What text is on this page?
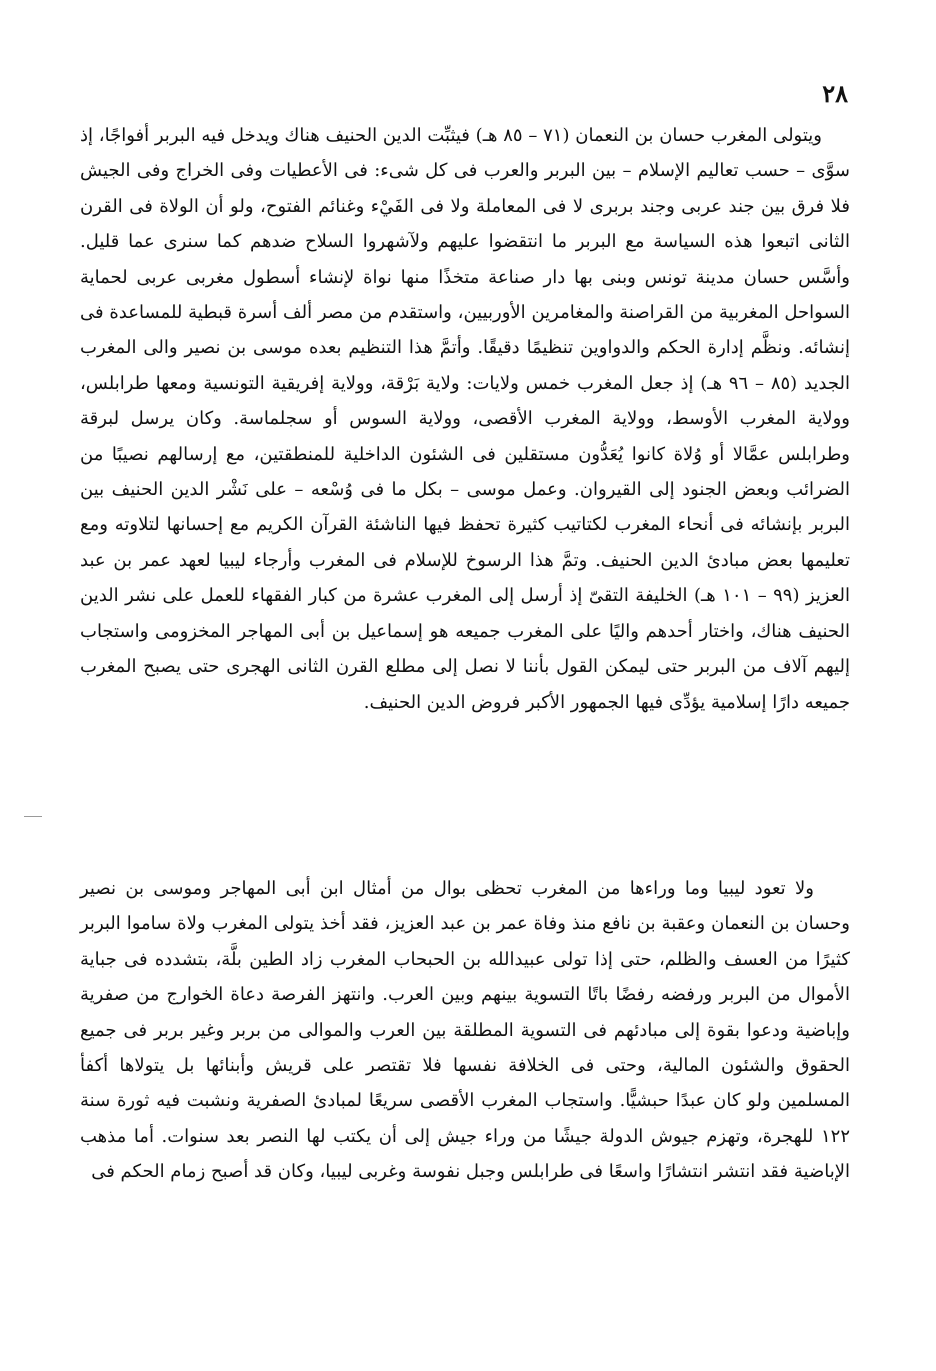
٢٨

ويتولى المغرب حسان بن النعمان (٧١ – ٨٥ هـ) فيثبِّت الدين الحنيف هناك ويدخل فيه البربر أفواجًا، إذ سوَّى – حسب تعاليم الإسلام – بين البربر والعرب فى كل شىء: فى الأعطيات وفى الخراج وفى الجيش فلا فرق بين جند عربى وجند بربرى لا فى المعاملة ولا فى الفَيْء وغنائم الفتوح، ولو أن الولاة فى القرن الثانى اتبعوا هذه السياسة مع البربر ما انتقضوا عليهم ولآشهروا السلاح ضدهم كما سنرى عما قليل. وأسَّس حسان مدينة تونس وبنى بها دار صناعة متخذًا منها نواة لإنشاء أسطول مغربى عربى لحماية السواحل المغربية من القراصنة والمغامرين الأوربيين، واستقدم من مصر ألف أسرة قبطية للمساعدة فى إنشائه. ونظَّم إدارة الحكم والدواوين تنظيمًا دقيقًا. وأتمَّ هذا التنظيم بعده موسى بن نصير والى المغرب الجديد (٨٥ – ٩٦ هـ) إذ جعل المغرب خمس ولايات: ولاية بَرْقة، وولاية إفريقية التونسية ومعها طرابلس، وولاية المغرب الأوسط، وولاية المغرب الأقصى، وولاية السوس أو سجلماسة. وكان يرسل لبرقة وطرابلس عمَّالا أو وُلاة كانوا يُعَدُّون مستقلين فى الشئون الداخلية للمنطقتين، مع إرسالهم نصيبًا من الضرائب وبعض الجنود إلى القيروان. وعمل موسى – بكل ما فى وُسْعه – على نَشْر الدين الحنيف بين البربر بإنشائه فى أنحاء المغرب لكتاتيب كثيرة تحفظ فيها الناشئة القرآن الكريم مع إحسانها لتلاوته ومع تعليمها بعض مبادئ الدين الحنيف. وتمَّ هذا الرسوخ للإسلام فى المغرب وأرجاء ليبيا لعهد عمر بن عبد العزيز (٩٩ – ١٠١ هـ) الخليفة التقىّ إذ أرسل إلى المغرب عشرة من كبار الفقهاء للعمل على نشر الدين الحنيف هناك، واختار أحدهم واليًا على المغرب جميعه هو إسماعيل بن أبى المهاجر المخزومى واستجاب إليهم آلاف من البربر حتى ليمكن القول بأننا لا نصل إلى مطلع القرن الثانى الهجرى حتى يصبح المغرب جميعه دارًا إسلامية يؤدِّى فيها الجمهور الأكبر فروض الدين الحنيف.

ولا تعود ليبيا وما وراءها من المغرب تحظى بوال من أمثال ابن أبى المهاجر وموسى بن نصير وحسان بن النعمان وعقبة بن نافع منذ وفاة عمر بن عبد العزيز، فقد أخذ يتولى المغرب ولاة ساموا البربر كثيرًا من العسف والظلم، حتى إذا تولى عبيدالله بن الحبحاب المغرب زاد الطين بلَّة، بتشدده فى جباية الأموال من البربر ورفضه رفضًا باتًا التسوية بينهم وبين العرب. وانتهز الفرصة دعاة الخوارج من صفرية وإباضية ودعوا بقوة إلى مبادئهم فى التسوية المطلقة بين العرب والموالى من بربر وغير بربر فى جميع الحقوق والشئون المالية، وحتى فى الخلافة نفسها فلا تقتصر على قريش وأبنائها بل يتولاها أكفأ المسلمين ولو كان عبدًا حبشيًّا. واستجاب المغرب الأقصى سريعًا لمبادئ الصفرية ونشبت فيه ثورة سنة ١٢٢ للهجرة، وتهزم جيوش الدولة جيشًا من وراء جيش إلى أن يكتب لها النصر بعد سنوات. أما مذهب الإباضية فقد انتشر انتشارًا واسعًا فى طرابلس وجبل نفوسة وغربى ليبيا، وكان قد أصبح زمام الحكم فى
